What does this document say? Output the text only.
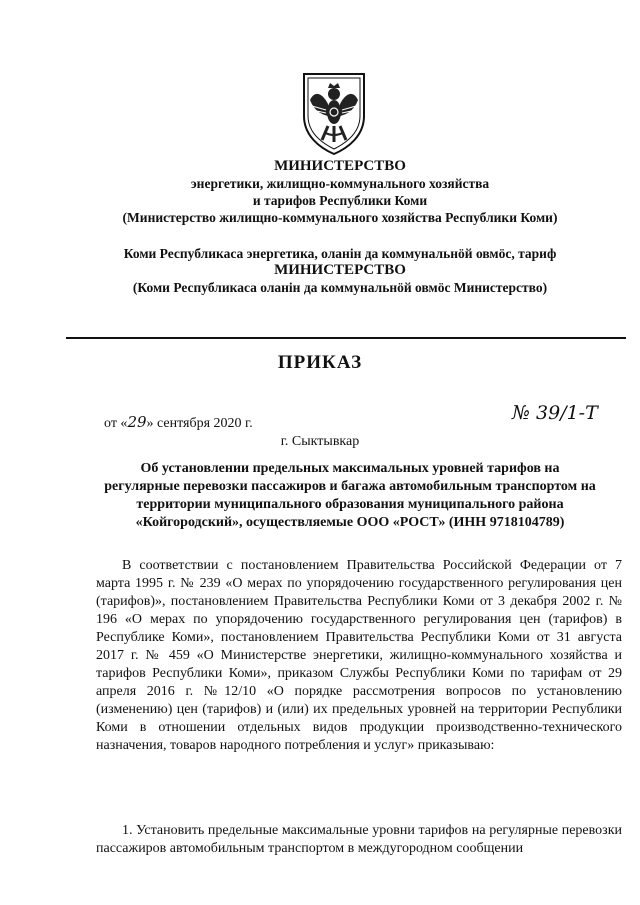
МИНИСТЕРСТВО
энергетики, жилищно-коммунального хозяйства
и тарифов Республики Коми
(Министерство жилищно-коммунального хозяйства Республики Коми)
Коми Республикаса энергетика, оланін да коммунальнӧй овмӧс, тариф
МИНИСТЕРСТВО
(Коми Республикаса оланін да коммунальнӧй овмӧс Министерство)
ПРИКАЗ
от «29» сентября 2020 г.	№ 39/1-Т
г. Сыктывкар
Об установлении предельных максимальных уровней тарифов на
регулярные перевозки пассажиров и багажа автомобильным транспортом на
территории муниципального образования муниципального района
«Койгородский», осуществляемые ООО «РОСТ» (ИНН 9718104789)

В соответствии с постановлением Правительства Российской Федерации от 7 марта 1995 г. № 239 «О мерах по упорядочению государственного регулирования цен (тарифов)», постановлением Правительства Республики Коми от 3 декабря 2002 г. № 196 «О мерах по упорядочению государственного регулирования цен (тарифов) в Республике Коми», постановлением Правительства Республики Коми от 31 августа 2017 г. № 459 «О Министерстве энергетики, жилищно-коммунального хозяйства и тарифов Республики Коми», приказом Службы Республики Коми по тарифам от 29 апреля 2016 г. №12/10 «О порядке рассмотрения вопросов по установлению (изменению) цен (тарифов) и (или) их предельных уровней на территории Республики Коми в отношении отдельных видов продукции производственно-технического назначения, товаров народного потребления и услуг» приказываю:

1. Установить предельные максимальные уровни тарифов на регулярные перевозки пассажиров автомобильным транспортом в междугородном сообщении
